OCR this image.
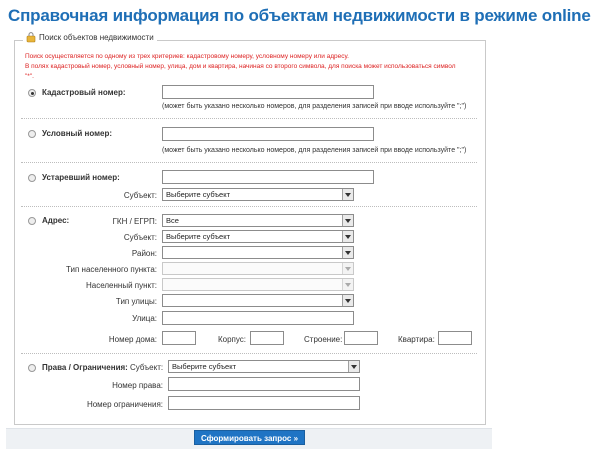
Справочная информация по объектам недвижимости в режиме online
Поиск объектов недвижимости
Поиск осуществляется по одному из трех критериев: кадастровому номеру, условному номеру или адресу.
В полях кадастровый номер, условный номер, улица, дом и квартира, начиная со второго символа, для поиска может использоваться символ "*".
Кадастровый номер:
(может быть указано несколько номеров, для разделения записей при вводе используйте ";")
Условный номер:
(может быть указано несколько номеров, для разделения записей при вводе используйте ";")
Устаревший номер:
Субъект:	Выберите субъект
Адрес:	ГКН / ЕГРП:	Все
Субъект:	Выберите субъект
Район:
Тип населенного пункта:
Населенный пункт:
Тип улицы:
Улица:
Номер дома:	Корпус:	Строение:	Квартира:
Права / Ограничения: Субъект:	Выберите субъект
Номер права:
Номер ограничения:
Сформировать запрос »
